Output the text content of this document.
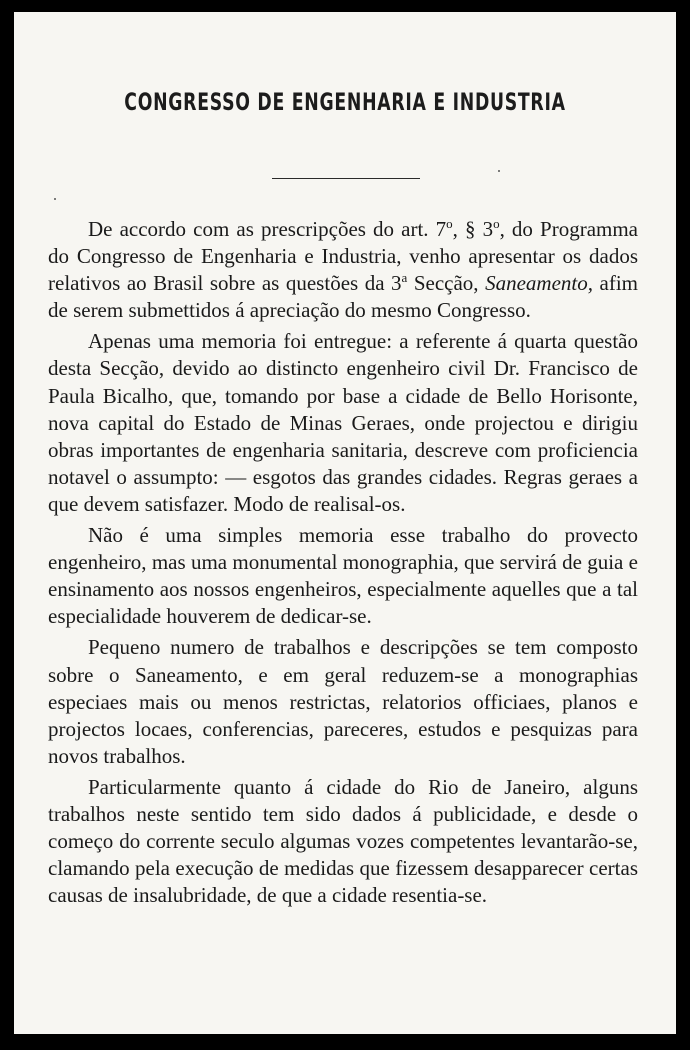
CONGRESSO DE ENGENHARIA E INDUSTRIA

De accordo com as prescripções do art. 7$^o$, § 3$^o$, do Programma do Congresso de Engenharia e Industria, venho apresentar os dados relativos ao Brasil sobre as questões da 3$^a$ Secção, Saneamento, afim de serem submettidos á apreciação do mesmo Congresso.

Apenas uma memoria foi entregue: a referente á quarta questão desta Secção, devido ao distincto engenheiro civil Dr. Francisco de Paula Bicalho, que, tomando por base a cidade de Bello Horisonte, nova capital do Estado de Minas Geraes, onde projectou e dirigiu obras importantes de engenharia sanitaria, descreve com proficiencia notavel o assumpto: — esgotos das grandes cidades. Regras geraes a que devem satisfazer. Modo de realisal-os.

Não é uma simples memoria esse trabalho do provecto engenheiro, mas uma monumental monographia, que servirá de guia e ensinamento aos nossos engenheiros, especialmente aquelles que a tal especialidade houverem de dedicar-se.

Pequeno numero de trabalhos e descripções se tem composto sobre o Saneamento, e em geral reduzem-se a monographias especiaes mais ou menos restrictas, relatorios officiaes, planos e projectos locaes, conferencias, pareceres, estudos e pesquizas para novos trabalhos.

Particularmente quanto á cidade do Rio de Janeiro, alguns trabalhos neste sentido tem sido dados á publicidade, e desde o começo do corrente seculo algumas vozes competentes levantarão-se, clamando pela execução de medidas que fizessem desapparecer certas causas de insalubridade, de que a cidade resentia-se.
